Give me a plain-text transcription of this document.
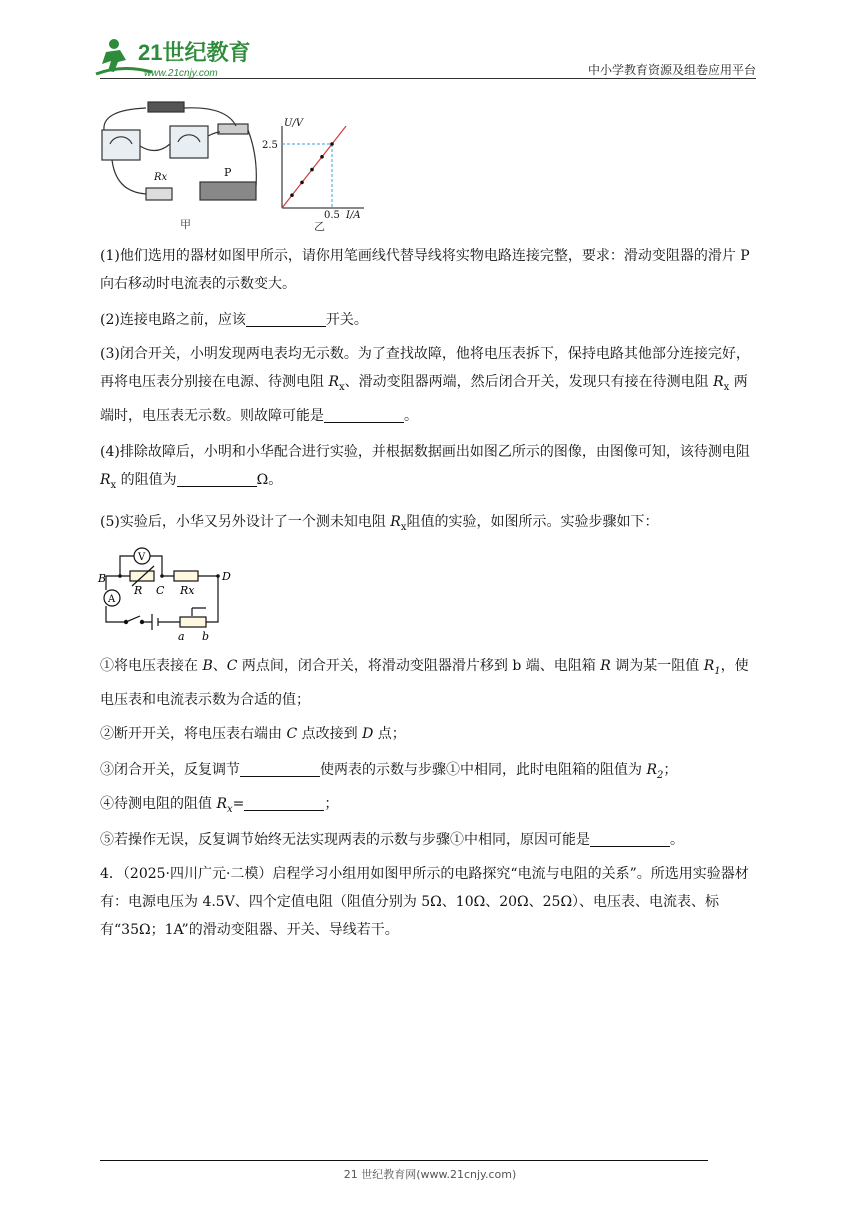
21世纪教育
www.21cnjy.com	中小学教育资源及组卷应用平台
Rx	P
甲
U/V
2.5
0.5 I/A
乙
(1)他们选用的器材如图甲所示，请你用笔画线代替导线将实物电路连接完整，要求：滑动变阻器的滑片 P 向右移动时电流表的示数变大。
(2)连接电路之前，应该	开关。
(3)闭合开关，小明发现两电表均无示数。为了查找故障，他将电压表拆下，保持电路其他部分连接完好，再将电压表分别接在电源、待测电阻 $R_x$、滑动变阻器两端，然后闭合开关，发现只有接在待测电阻 $R_x$ 两端时，电压表无示数。则故障可能是	。
(4)排除故障后，小明和小华配合进行实验，并根据数据画出如图乙所示的图像，由图像可知，该待测电阻 $R_x$ 的阻值为	Ω。
(5)实验后，小华又另外设计了一个测未知电阻 $R_x$阻值的实验，如图所示。实验步骤如下：
V
A
B
R C Rx
D
a b
①将电压表接在 B、C 两点间，闭合开关，将滑动变阻器滑片移到 b 端、电阻箱 R 调为某一阻值 $R_1$，使电压表和电流表示数为合适的值；
②断开开关，将电压表右端由 C 点改接到 D 点；
③闭合开关，反复调节	使两表的示数与步骤①中相同，此时电阻箱的阻值为 $R_2$；
④待测电阻的阻值 $R_x=$	；
⑤若操作无误，反复调节始终无法实现两表的示数与步骤①中相同，原因可能是	。
4．（2025·四川广元·二模）启程学习小组用如图甲所示的电路探究“电流与电阻的关系”。所选用实验器材有：电源电压为 4.5V、四个定值电阻（阻值分别为 5Ω、10Ω、20Ω、25Ω）、电压表、电流表、标有“35Ω；1A”的滑动变阻器、开关、导线若干。
21 世纪教育网(www.21cnjy.com)
